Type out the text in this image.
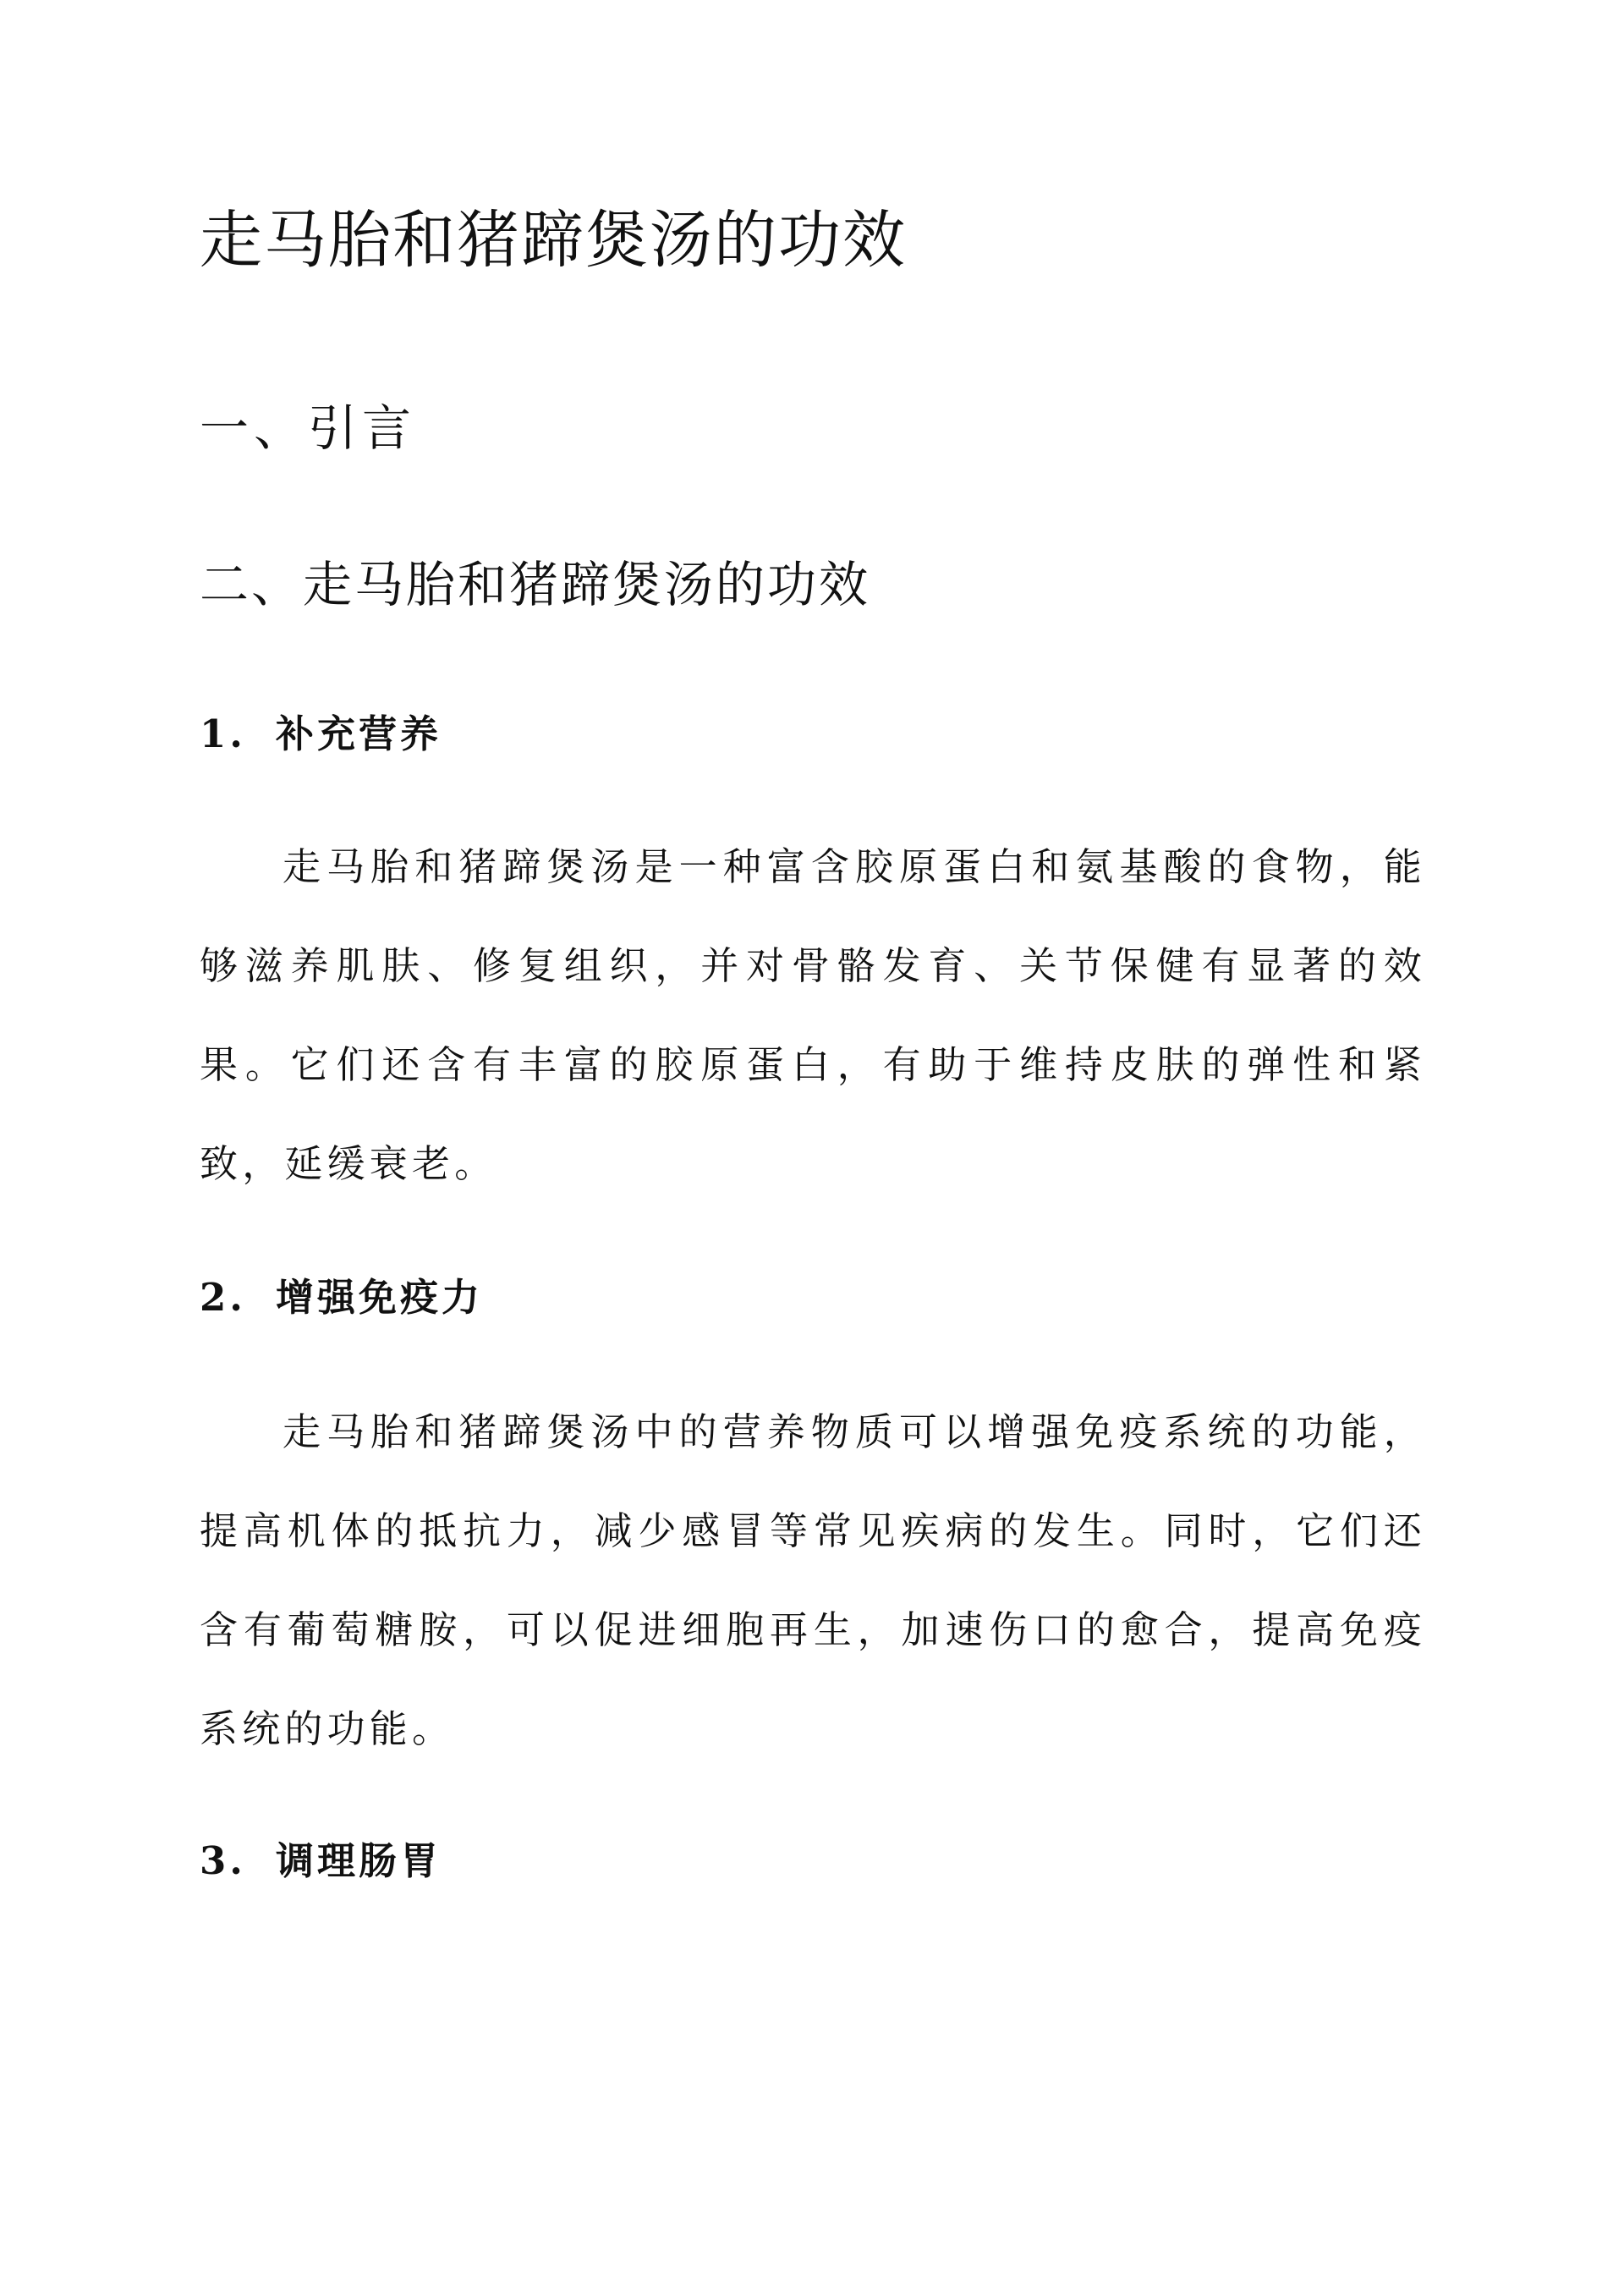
走马胎和猪蹄煲汤的功效
一、引言
二、走马胎和猪蹄煲汤的功效
1. 补充营养

走马胎和猪蹄煲汤是一种富含胶原蛋白和氨基酸的食物，能够滋养肌肤、修复组织，并对骨骼发育、关节保健有显著的效果。它们还含有丰富的胶原蛋白，有助于维持皮肤的弹性和紧致，延缓衰老。

2. 增强免疫力

走马胎和猪蹄煲汤中的营养物质可以增强免疫系统的功能，提高机体的抵抗力，减少感冒等常见疾病的发生。同时，它们还含有葡萄糖胺，可以促进细胞再生，加速伤口的愈合，提高免疫系统的功能。

3. 调理肠胃
